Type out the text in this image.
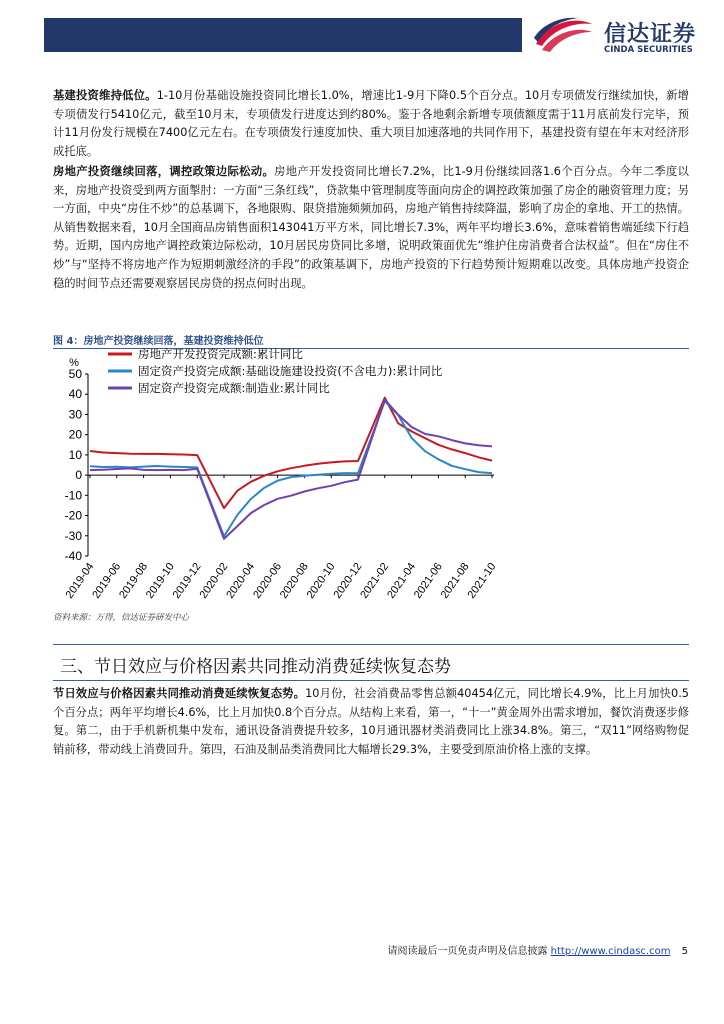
信达证券
CINDA SECURITIES
基建投资维持低位。1-10月份基础设施投资同比增长1.0%，增速比1-9月下降0.5个百分点。10月专项债发行继续加快，新增专项债发行5410亿元，截至10月末，专项债发行进度达到约80%。鉴于各地剩余新增专项债额度需于11月底前发行完毕，预计11月份发行规模在7400亿元左右。在专项债发行速度加快、重大项目加速落地的共同作用下，基建投资有望在年末对经济形成托底。
房地产投资继续回落，调控政策边际松动。房地产开发投资同比增长7.2%，比1-9月份继续回落1.6个百分点。今年二季度以来，房地产投资受到两方面掣肘：一方面“三条红线”，贷款集中管理制度等面向房企的调控政策加强了房企的融资管理力度；另一方面，中央“房住不炒”的总基调下，各地限购、限贷措施频频加码，房地产销售持续降温，影响了房企的拿地、开工的热情。从销售数据来看，10月全国商品房销售面积143041万平方米，同比增长7.3%，两年平均增长3.6%，意味着销售端延续下行趋势。近期，国内房地产调控政策边际松动，10月居民房贷同比多增，说明政策面优先“维护住房消费者合法权益”。但在“房住不炒”与“坚持不将房地产作为短期刺激经济的手段”的政策基调下，房地产投资的下行趋势预计短期难以改变。具体房地产投资企稳的时间节点还需要观察居民房贷的拐点何时出现。
图 4：房地产投资继续回落，基建投资维持低位
-40
-30
-20
-10
0
10
20
30
40
50
%
2019-04
2019-06
2019-08
2019-10
2019-12
2020-02
2020-04
2020-06
2020-08
2020-10
2020-12
2021-02
2021-04
2021-06
2021-08
2021-10
房地产开发投资完成额:累计同比
固定资产投资完成额:基础设施建设投资(不含电力):累计同比
固定资产投资完成额:制造业:累计同比
资料来源：万得，信达证券研发中心
三、节日效应与价格因素共同推动消费延续恢复态势
节日效应与价格因素共同推动消费延续恢复态势。10月份，社会消费品零售总额40454亿元，同比增长4.9%，比上月加快0.5个百分点；两年平均增长4.6%，比上月加快0.8个百分点。从结构上来看，第一，“十一”黄金周外出需求增加，餐饮消费逐步修复。第二，由于手机新机集中发布，通讯设备消费提升较多，10月通讯器材类消费同比上涨34.8%。第三，“双11”网络购物促销前移，带动线上消费回升。第四，石油及制品类消费同比大幅增长29.3%，主要受到原油价格上涨的支撑。
请阅读最后一页免责声明及信息披露 http://www.cindasc.com 5
